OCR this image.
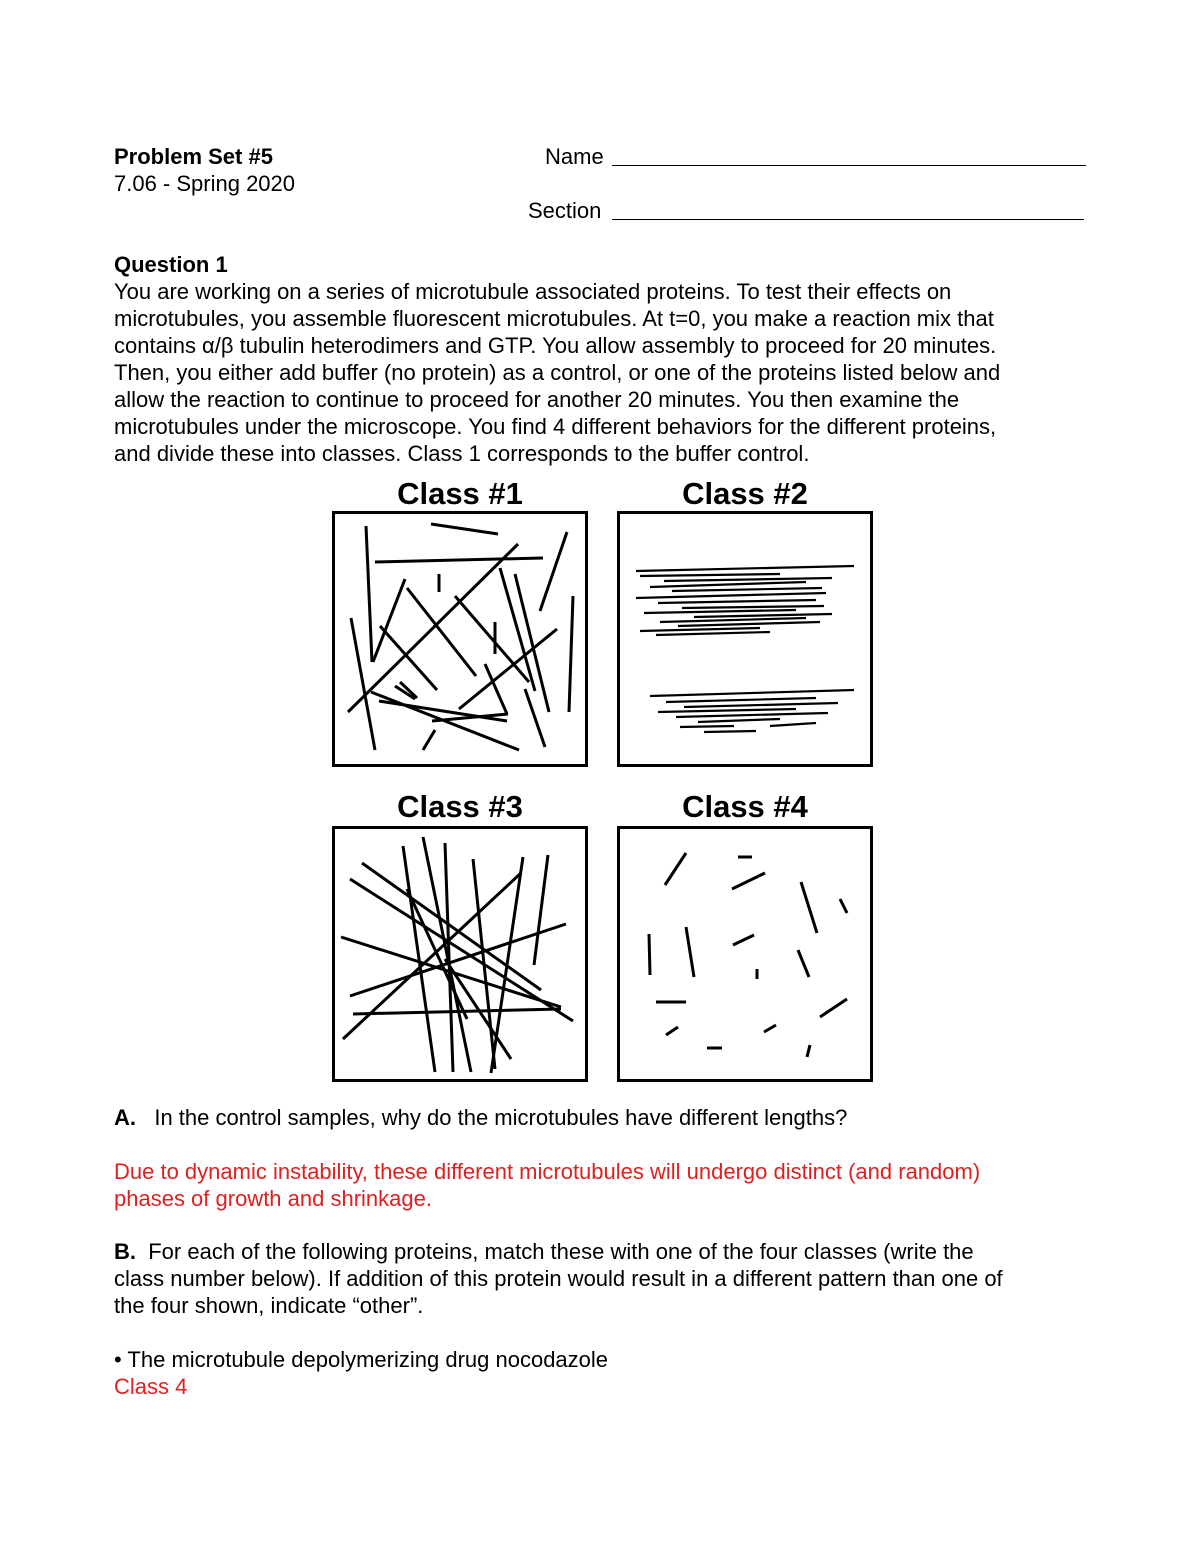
Problem Set #5
7.06 - Spring 2020
Name
Section
Question 1
You are working on a series of microtubule associated proteins. To test their effects on
microtubules, you assemble fluorescent microtubules. At t=0, you make a reaction mix that
contains α/β tubulin heterodimers and GTP. You allow assembly to proceed for 20 minutes.
Then, you either add buffer (no protein) as a control, or one of the proteins listed below and
allow the reaction to continue to proceed for another 20 minutes. You then examine the
microtubules under the microscope. You find 4 different behaviors for the different proteins,
and divide these into classes. Class 1 corresponds to the buffer control.
Class #1	Class #2
Class #3	Class #4
A. In the control samples, why do the microtubules have different lengths?
Due to dynamic instability, these different microtubules will undergo distinct (and random)
phases of growth and shrinkage.
B. For each of the following proteins, match these with one of the four classes (write the
class number below). If addition of this protein would result in a different pattern than one of
the four shown, indicate “other”.
• The microtubule depolymerizing drug nocodazole
Class 4
